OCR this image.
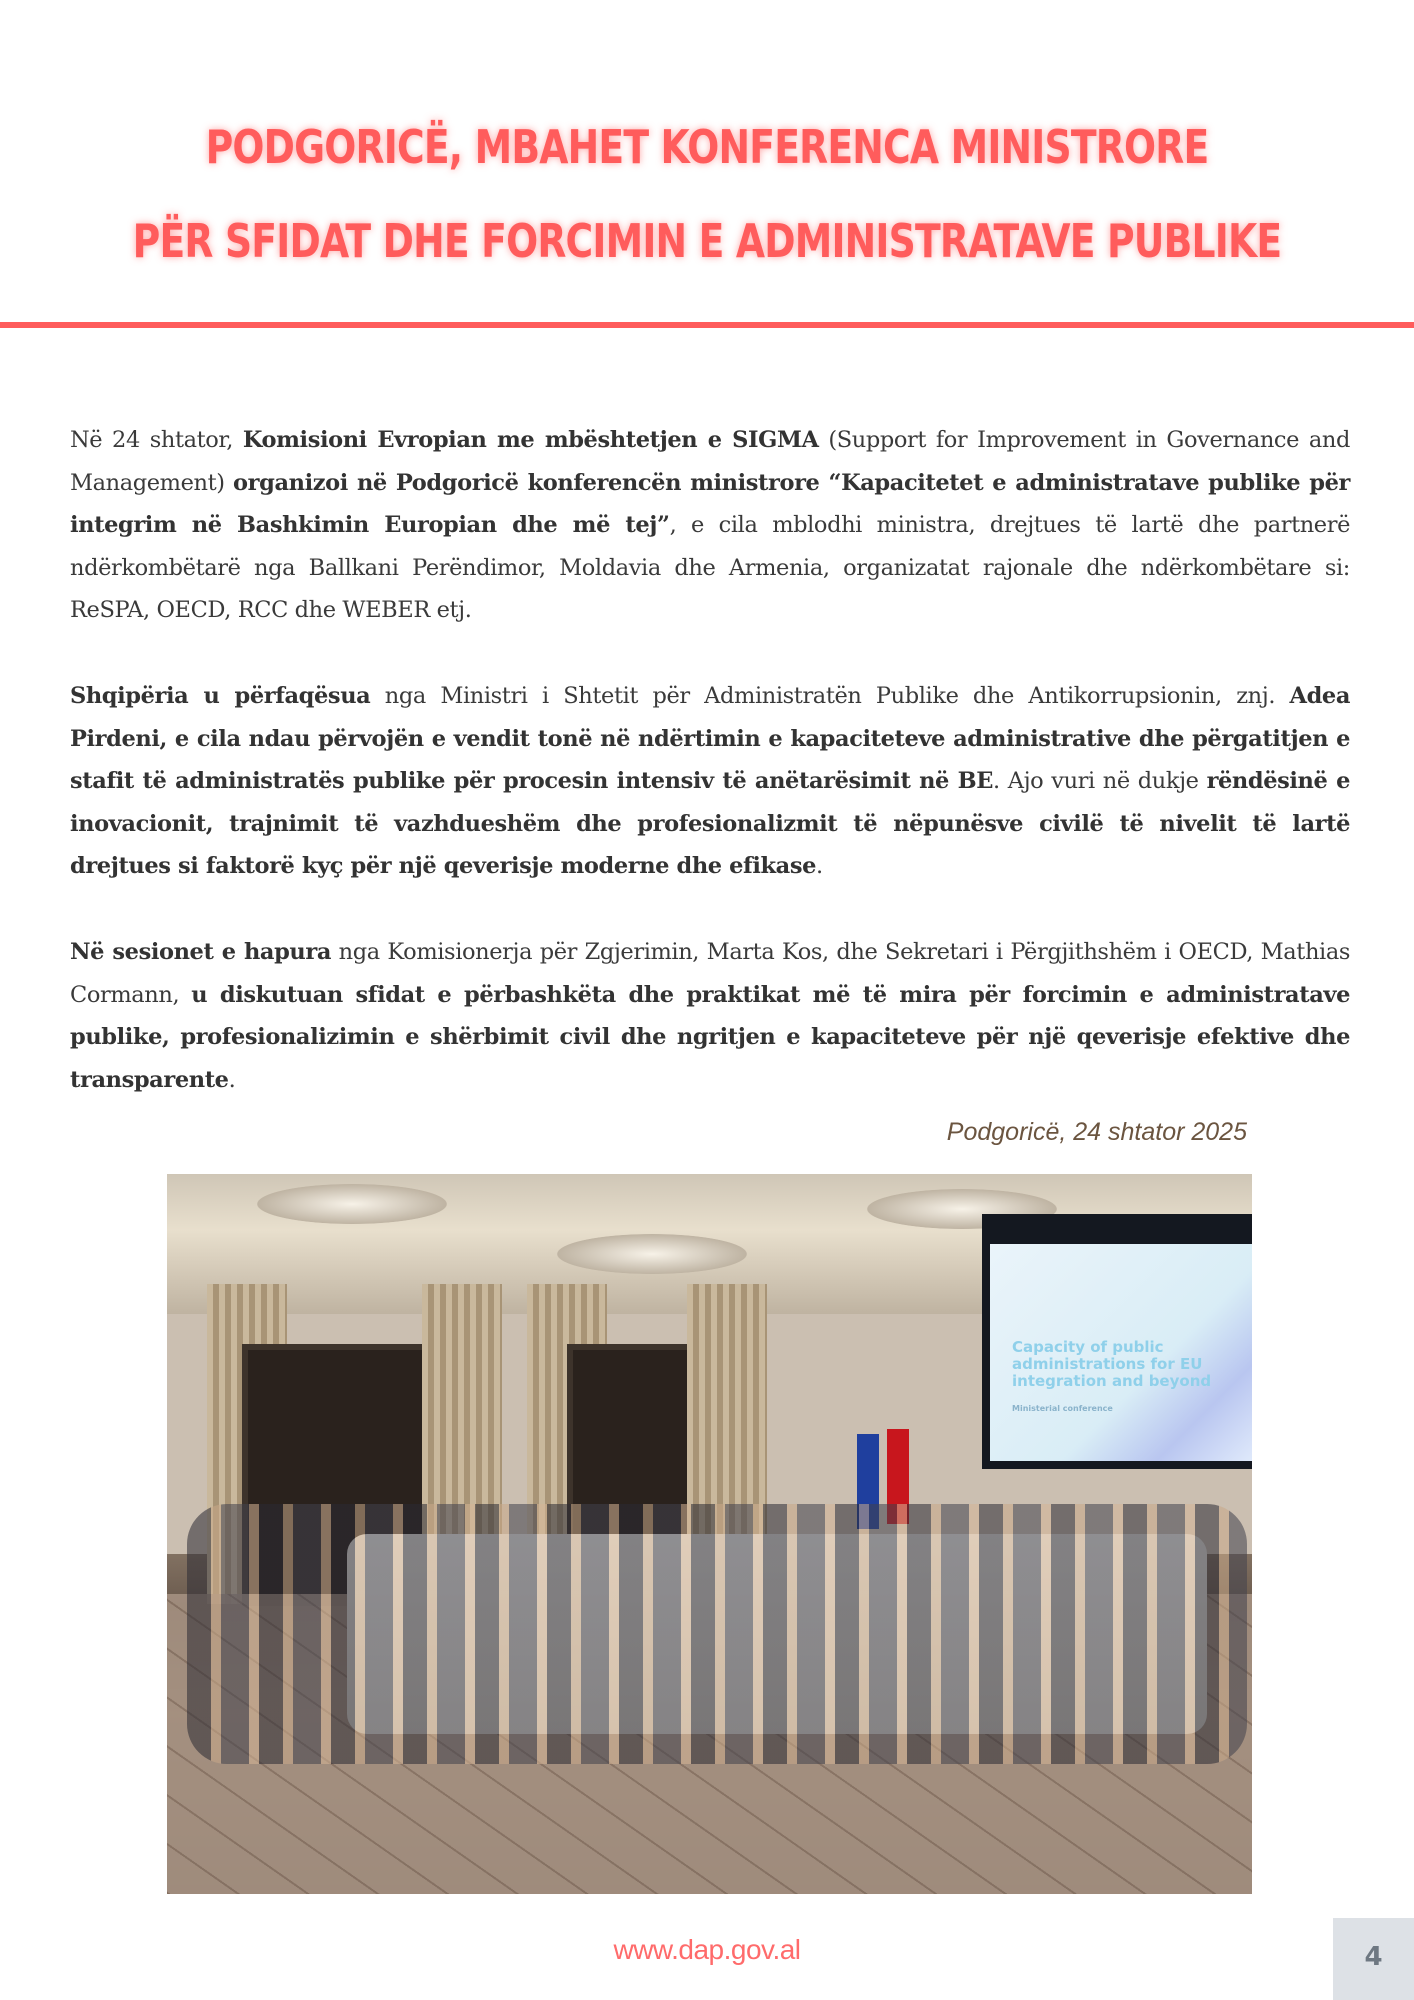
PODGORICË, MBAHET KONFERENCA MINISTRORE
PËR SFIDAT DHE FORCIMIN E ADMINISTRATAVE PUBLIKE
Në 24 shtator, Komisioni Evropian me mbështetjen e SIGMA (Support for Improvement in Governance and Management) organizoi në Podgoricë konferencën ministrore “Kapacitetet e administratave publike për integrim në Bashkimin Europian dhe më tej”, e cila mblodhi ministra, drejtues të lartë dhe partnerë ndërkombëtarë nga Ballkani Perëndimor, Moldavia dhe Armenia, organizatat rajonale dhe ndërkombëtare si: ReSPA, OECD, RCC dhe WEBER etj.
Shqipëria u përfaqësua nga Ministri i Shtetit për Administratën Publike dhe Antikorrupsionin, znj. Adea Pirdeni, e cila ndau përvojën e vendit tonë në ndërtimin e kapaciteteve administrative dhe përgatitjen e stafit të administratës publike për procesin intensiv të anëtarësimit në BE. Ajo vuri në dukje rëndësinë e inovacionit, trajnimit të vazhdueshëm dhe profesionalizmit të nëpunësve civilë të nivelit të lartë drejtues si faktorë kyç për një qeverisje moderne dhe efikase.
Në sesionet e hapura nga Komisionerja për Zgjerimin, Marta Kos, dhe Sekretari i Përgjithshëm i OECD, Mathias Cormann, u diskutuan sfidat e përbashkëta dhe praktikat më të mira për forcimin e administratave publike, profesionalizimin e shërbimit civil dhe ngritjen e kapaciteteve për një qeverisje efektive dhe transparente.
Podgoricë, 24 shtator 2025
Capacity of public administrations for EU integration and beyond
Ministerial conference
www.dap.gov.al	4
